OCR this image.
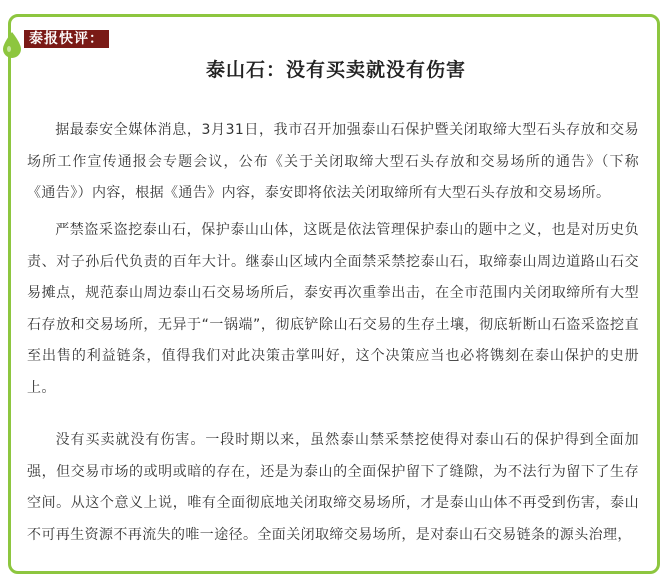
泰报快评：
泰山石：没有买卖就没有伤害

据最泰安全媒体消息，3月31日，我市召开加强泰山石保护暨关闭取缔大型石头存放和交易场所工作宣传通报会专题会议，公布《关于关闭取缔大型石头存放和交易场所的通告》（下称《通告》）内容，根据《通告》内容，泰安即将依法关闭取缔所有大型石头存放和交易场所。

严禁盗采盗挖泰山石，保护泰山山体，这既是依法管理保护泰山的题中之义，也是对历史负责、对子孙后代负责的百年大计。继泰山区域内全面禁采禁挖泰山石，取缔泰山周边道路山石交易摊点，规范泰山周边泰山石交易场所后，泰安再次重拳出击，在全市范围内关闭取缔所有大型石存放和交易场所，无异于“一锅端”，彻底铲除山石交易的生存土壤，彻底斩断山石盗采盗挖直至出售的利益链条，值得我们对此决策击掌叫好，这个决策应当也必将镌刻在泰山保护的史册上。

没有买卖就没有伤害。一段时期以来，虽然泰山禁采禁挖使得对泰山石的保护得到全面加强，但交易市场的或明或暗的存在，还是为泰山的全面保护留下了缝隙，为不法行为留下了生存空间。从这个意义上说，唯有全面彻底地关闭取缔交易场所，才是泰山山体不再受到伤害，泰山不可再生资源不再流失的唯一途径。全面关闭取缔交易场所，是对泰山石交易链条的源头治理，
